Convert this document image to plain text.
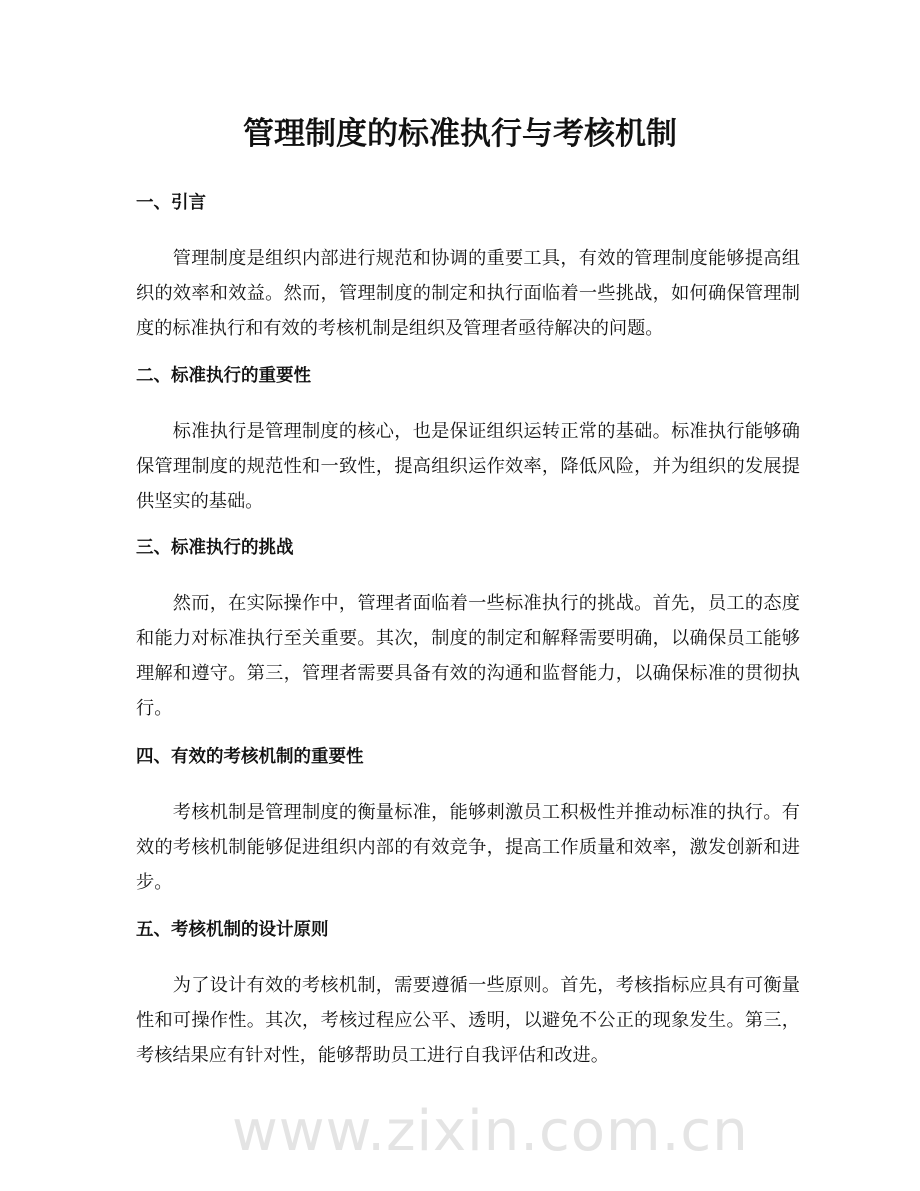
www.zixin.com.cn
管理制度的标准执行与考核机制
一、引言
管理制度是组织内部进行规范和协调的重要工具，有效的管理制度能够提高组
织的效率和效益。然而，管理制度的制定和执行面临着一些挑战，如何确保管理制
度的标准执行和有效的考核机制是组织及管理者亟待解决的问题。
二、标准执行的重要性
标准执行是管理制度的核心，也是保证组织运转正常的基础。标准执行能够确
保管理制度的规范性和一致性，提高组织运作效率，降低风险，并为组织的发展提
供坚实的基础。
三、标准执行的挑战
然而，在实际操作中，管理者面临着一些标准执行的挑战。首先，员工的态度
和能力对标准执行至关重要。其次，制度的制定和解释需要明确，以确保员工能够
理解和遵守。第三，管理者需要具备有效的沟通和监督能力，以确保标准的贯彻执
行。
四、有效的考核机制的重要性
考核机制是管理制度的衡量标准，能够刺激员工积极性并推动标准的执行。有
效的考核机制能够促进组织内部的有效竞争，提高工作质量和效率，激发创新和进
步。
五、考核机制的设计原则
为了设计有效的考核机制，需要遵循一些原则。首先，考核指标应具有可衡量
性和可操作性。其次，考核过程应公平、透明，以避免不公正的现象发生。第三，
考核结果应有针对性，能够帮助员工进行自我评估和改进。
